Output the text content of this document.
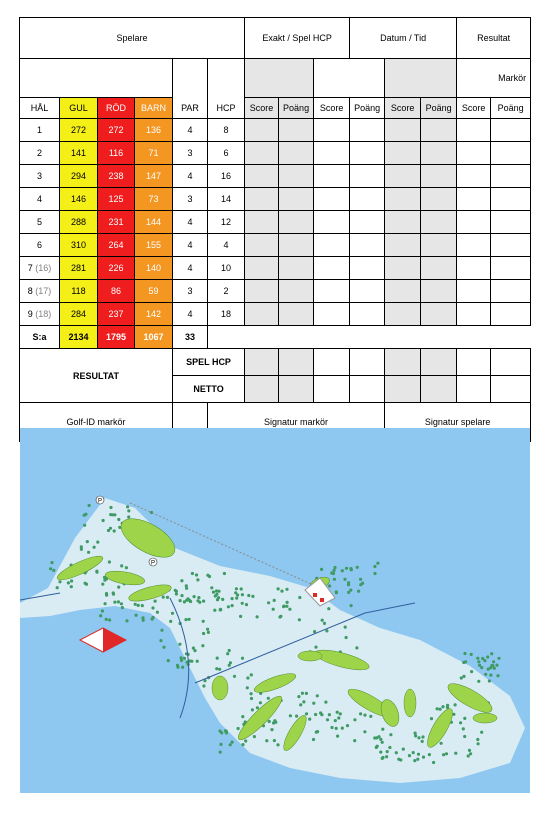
Spelare						Exakt / Spel HCP			Datum / Tid			Resultat	
												Markör	
HÅL	GUL	RÖD	BARN	PAR	HCP	Score	Poäng	Score	Poäng	Score	Poäng	Score	Poäng
1	272	272	136	4	8								
2	141	116	71	3	6								
3	294	238	147	4	16								
4	146	125	73	3	14								
5	288	231	144	4	12								
6	310	264	155	4	4								
7 (16)	281	226	140	4	10								
8 (17)	118	86	59	3	2								
9 (18)	284	237	142	4	18								
S:a	2134	1795	1067	33									
RESULTAT				SPEL HCP									
				NETTO									
Golf-ID markör					Signatur markör					Signatur spelare			
P
P
